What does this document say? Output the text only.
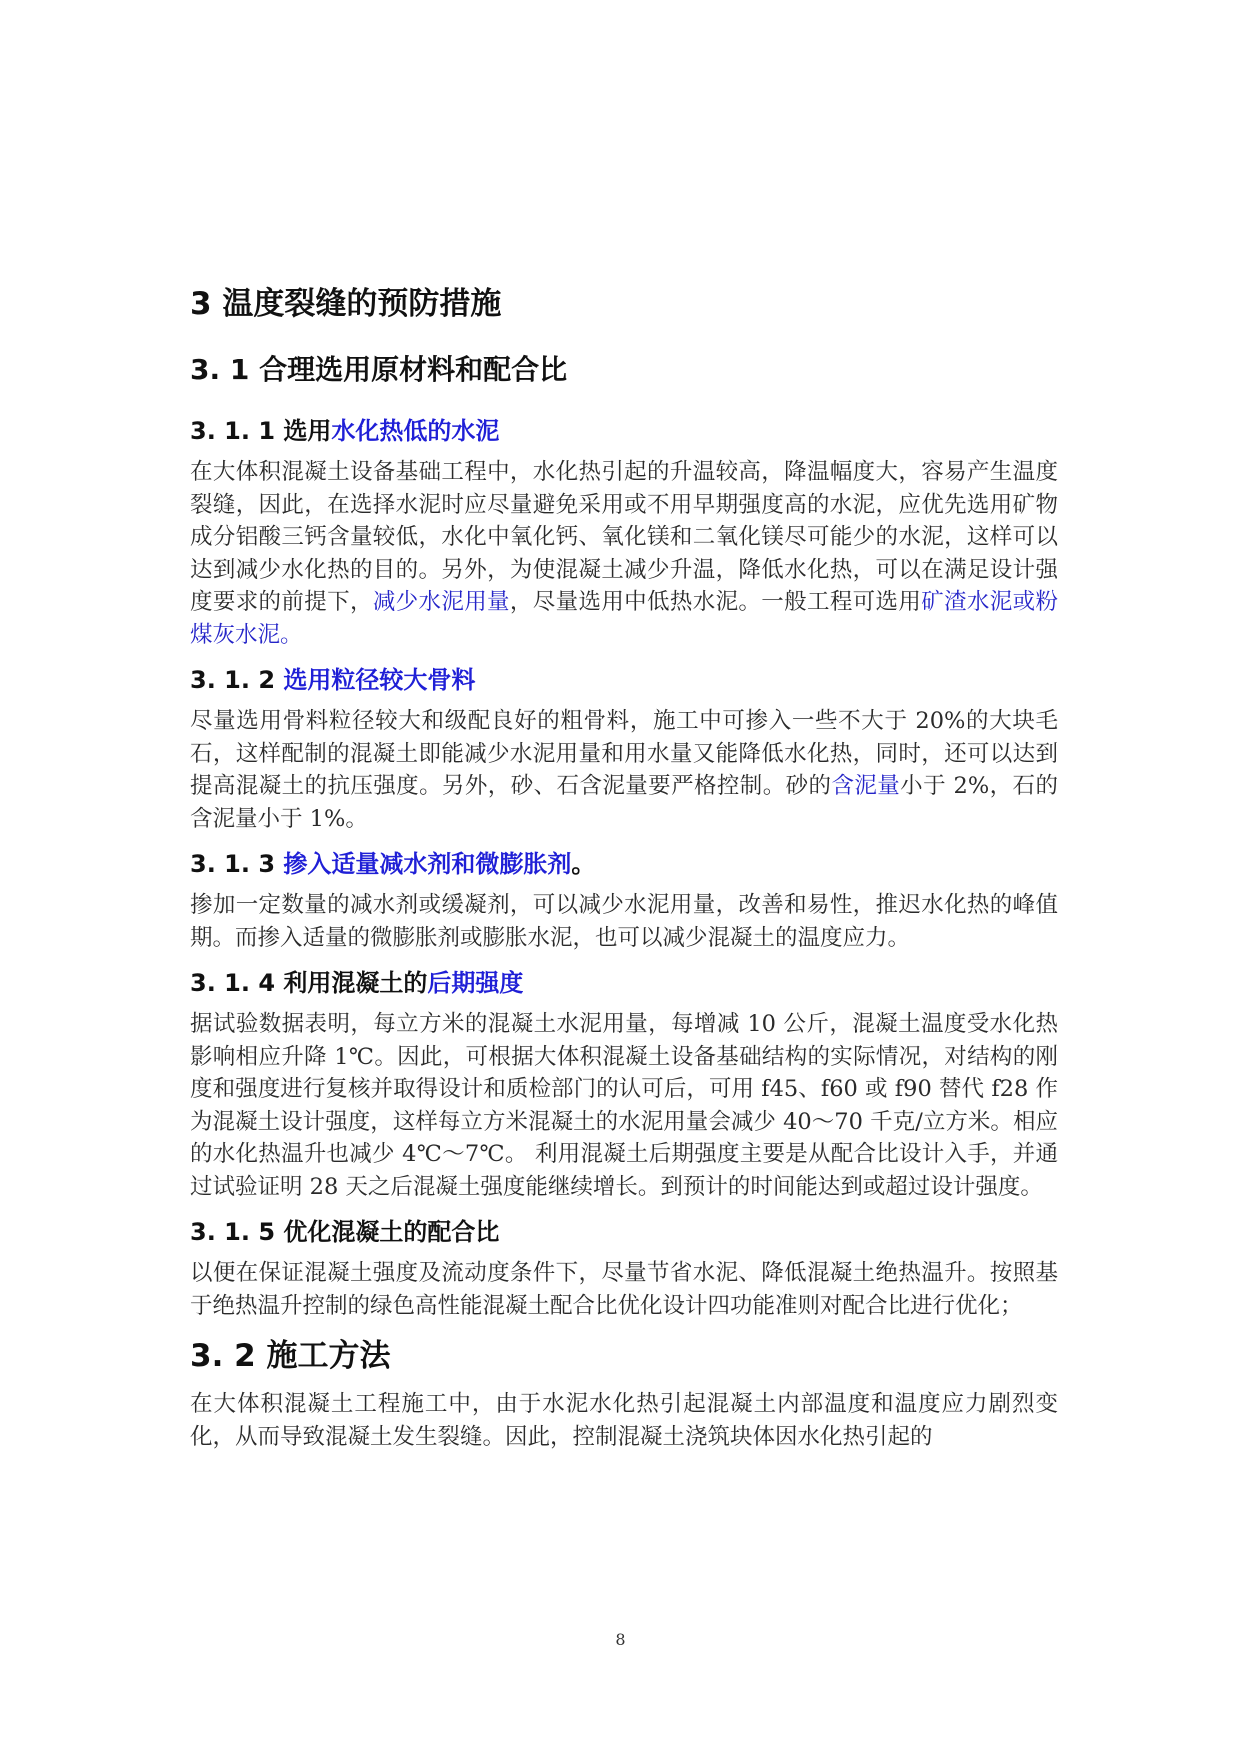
3 温度裂缝的预防措施
3. 1 合理选用原材料和配合比
3. 1. 1 选用水化热低的水泥

在大体积混凝土设备基础工程中，水化热引起的升温较高，降温幅度大，容易产生温度裂缝，因此，在选择水泥时应尽量避免采用或不用早期强度高的水泥，应优先选用矿物成分铝酸三钙含量较低，水化中氧化钙、氧化镁和二氧化镁尽可能少的水泥，这样可以达到减少水化热的目的。另外，为使混凝土减少升温，降低水化热，可以在满足设计强度要求的前提下，减少水泥用量，尽量选用中低热水泥。一般工程可选用矿渣水泥或粉煤灰水泥。

3. 1. 2 选用粒径较大骨料

尽量选用骨料粒径较大和级配良好的粗骨料，施工中可掺入一些不大于 20%的大块毛石，这样配制的混凝土即能减少水泥用量和用水量又能降低水化热，同时，还可以达到提高混凝土的抗压强度。另外，砂、石含泥量要严格控制。砂的含泥量小于 2%，石的含泥量小于 1%。

3. 1. 3 掺入适量减水剂和微膨胀剂。

掺加一定数量的减水剂或缓凝剂，可以减少水泥用量，改善和易性，推迟水化热的峰值期。而掺入适量的微膨胀剂或膨胀水泥，也可以减少混凝土的温度应力。

3. 1. 4 利用混凝土的后期强度

据试验数据表明，每立方米的混凝土水泥用量，每增减 10 公斤，混凝土温度受水化热影响相应升降 1℃。因此，可根据大体积混凝土设备基础结构的实际情况，对结构的刚度和强度进行复核并取得设计和质检部门的认可后，可用 f45、f60 或 f90 替代 f28 作为混凝土设计强度，这样每立方米混凝土的水泥用量会减少 40～70 千克/立方米。相应的水化热温升也减少 4℃～7℃。 利用混凝土后期强度主要是从配合比设计入手，并通过试验证明 28 天之后混凝土强度能继续增长。到预计的时间能达到或超过设计强度。

3. 1. 5 优化混凝土的配合比

以便在保证混凝土强度及流动度条件下，尽量节省水泥、降低混凝土绝热温升。按照基于绝热温升控制的绿色高性能混凝土配合比优化设计四功能准则对配合比进行优化；

3. 2 施工方法

在大体积混凝土工程施工中，由于水泥水化热引起混凝土内部温度和温度应力剧烈变化，从而导致混凝土发生裂缝。因此，控制混凝土浇筑块体因水化热引起的

8
